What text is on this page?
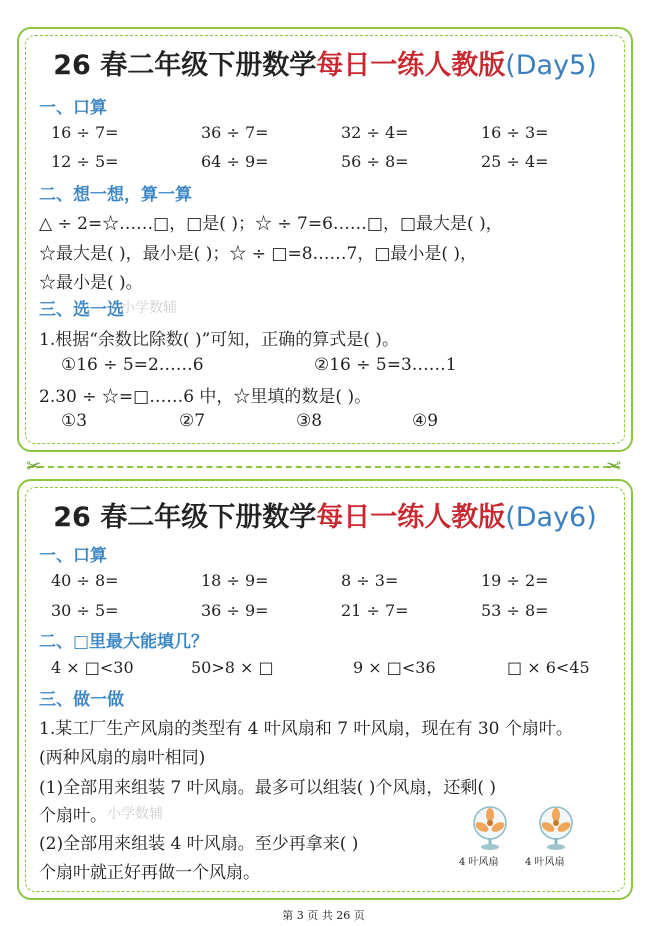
26 春二年级下册数学每日一练人教版(Day5)
一、口算
16 ÷ 7=	36 ÷ 7=	32 ÷ 4=	16 ÷ 3=
12 ÷ 5=	64 ÷ 9=	56 ÷ 8=	25 ÷ 4=
二、想一想，算一算
△ ÷ 2=☆……□，□是( )；☆ ÷ 7=6……□，□最大是( )，
☆最大是( )，最小是( )；☆ ÷ □=8……7，□最小是( )，
☆最小是( )。
三、选一选
1.根据“余数比除数( )”可知，正确的算式是( )。
①16 ÷ 5=2……6	②16 ÷ 5=3……1
2.30 ÷ ☆=□……6 中，☆里填的数是( )。
①3	②7	③8	④9
小学数辅
✂	✂
26 春二年级下册数学每日一练人教版(Day6)
一、口算
40 ÷ 8=	18 ÷ 9=	8 ÷ 3=	19 ÷ 2=
30 ÷ 5=	36 ÷ 9=	21 ÷ 7=	53 ÷ 8=
二、□里最大能填几？
4 × □<30	50>8 × □	9 × □<36	□ × 6<45
三、做一做
1.某工厂生产风扇的类型有 4 叶风扇和 7 叶风扇，现在有 30 个扇叶。
(两种风扇的扇叶相同)
(1)全部用来组装 7 叶风扇。最多可以组装( )个风扇，还剩( )
个扇叶。
(2)全部用来组装 4 叶风扇。至少再拿来( )
个扇叶就正好再做一个风扇。
4 叶风扇	4 叶风扇
小学数辅
第 3 页 共 26 页
